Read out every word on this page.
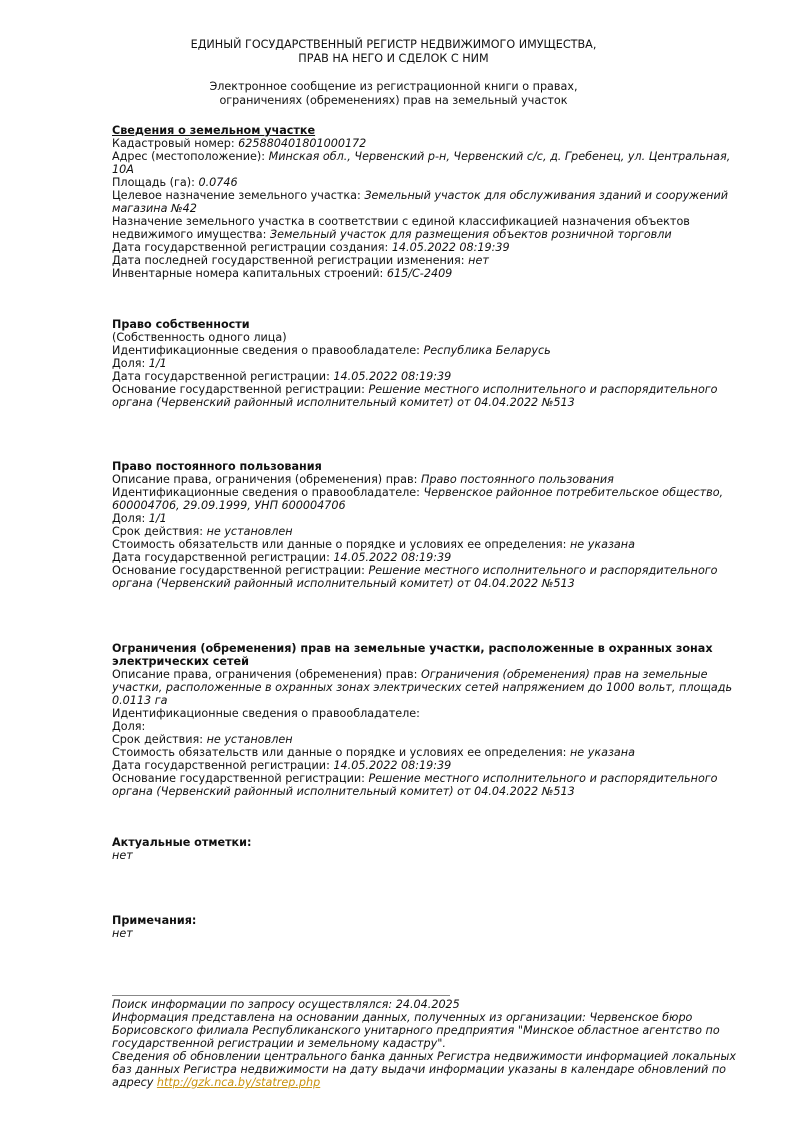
ЕДИНЫЙ ГОСУДАРСТВЕННЫЙ РЕГИСТР НЕДВИЖИМОГО ИМУЩЕСТВА,
ПРАВ НА НЕГО И СДЕЛОК С НИМ
Электронное сообщение из регистрационной книги о правах,
ограничениях (обременениях) прав на земельный участок
Сведения о земельном участке
Кадастровый номер: 625880401801000172
Адрес (местоположение): Минская обл., Червенский р-н, Червенский с/с, д. Гребенец, ул. Центральная, 10А
Площадь (га): 0.0746
Целевое назначение земельного участка: Земельный участок для обслуживания зданий и сооружений магазина №42
Назначение земельного участка в соответствии с единой классификацией назначения объектов недвижимого имущества: Земельный участок для размещения объектов розничной торговли
Дата государственной регистрации создания: 14.05.2022 08:19:39
Дата последней государственной регистрации изменения: нет
Инвентарные номера капитальных строений: 615/С-2409
Право собственности
(Собственность одного лица)
Идентификационные сведения о правообладателе: Республика Беларусь
Доля: 1/1
Дата государственной регистрации: 14.05.2022 08:19:39
Основание государственной регистрации: Решение местного исполнительного и распорядительного органа (Червенский районный исполнительный комитет) от 04.04.2022 №513
Право постоянного пользования
Описание права, ограничения (обременения) прав: Право постоянного пользования
Идентификационные сведения о правообладателе: Червенское районное потребительское общество, 600004706, 29.09.1999, УНП 600004706
Доля: 1/1
Срок действия: не установлен
Стоимость обязательств или данные о порядке и условиях ее определения: не указана
Дата государственной регистрации: 14.05.2022 08:19:39
Основание государственной регистрации: Решение местного исполнительного и распорядительного органа (Червенский районный исполнительный комитет) от 04.04.2022 №513
Ограничения (обременения) прав на земельные участки, расположенные в охранных зонах электрических сетей
Описание права, ограничения (обременения) прав: Ограничения (обременения) прав на земельные участки, расположенные в охранных зонах электрических сетей напряжением до 1000 вольт, площадь 0.0113 га
Идентификационные сведения о правообладателе:
Доля:
Срок действия: не установлен
Стоимость обязательств или данные о порядке и условиях ее определения: не указана
Дата государственной регистрации: 14.05.2022 08:19:39
Основание государственной регистрации: Решение местного исполнительного и распорядительного органа (Червенский районный исполнительный комитет) от 04.04.2022 №513
Актуальные отметки:
нет
Примечания:
нет
Поиск информации по запросу осуществлялся: 24.04.2025
Информация представлена на основании данных, полученных из организации: Червенское бюро Борисовского филиала Республиканского унитарного предприятия "Минское областное агентство по государственной регистрации и земельному кадастру".
Сведения об обновлении центрального банка данных Регистра недвижимости информацией локальных баз данных Регистра недвижимости на дату выдачи информации указаны в календаре обновлений по адресу http://gzk.nca.by/statrep.php
